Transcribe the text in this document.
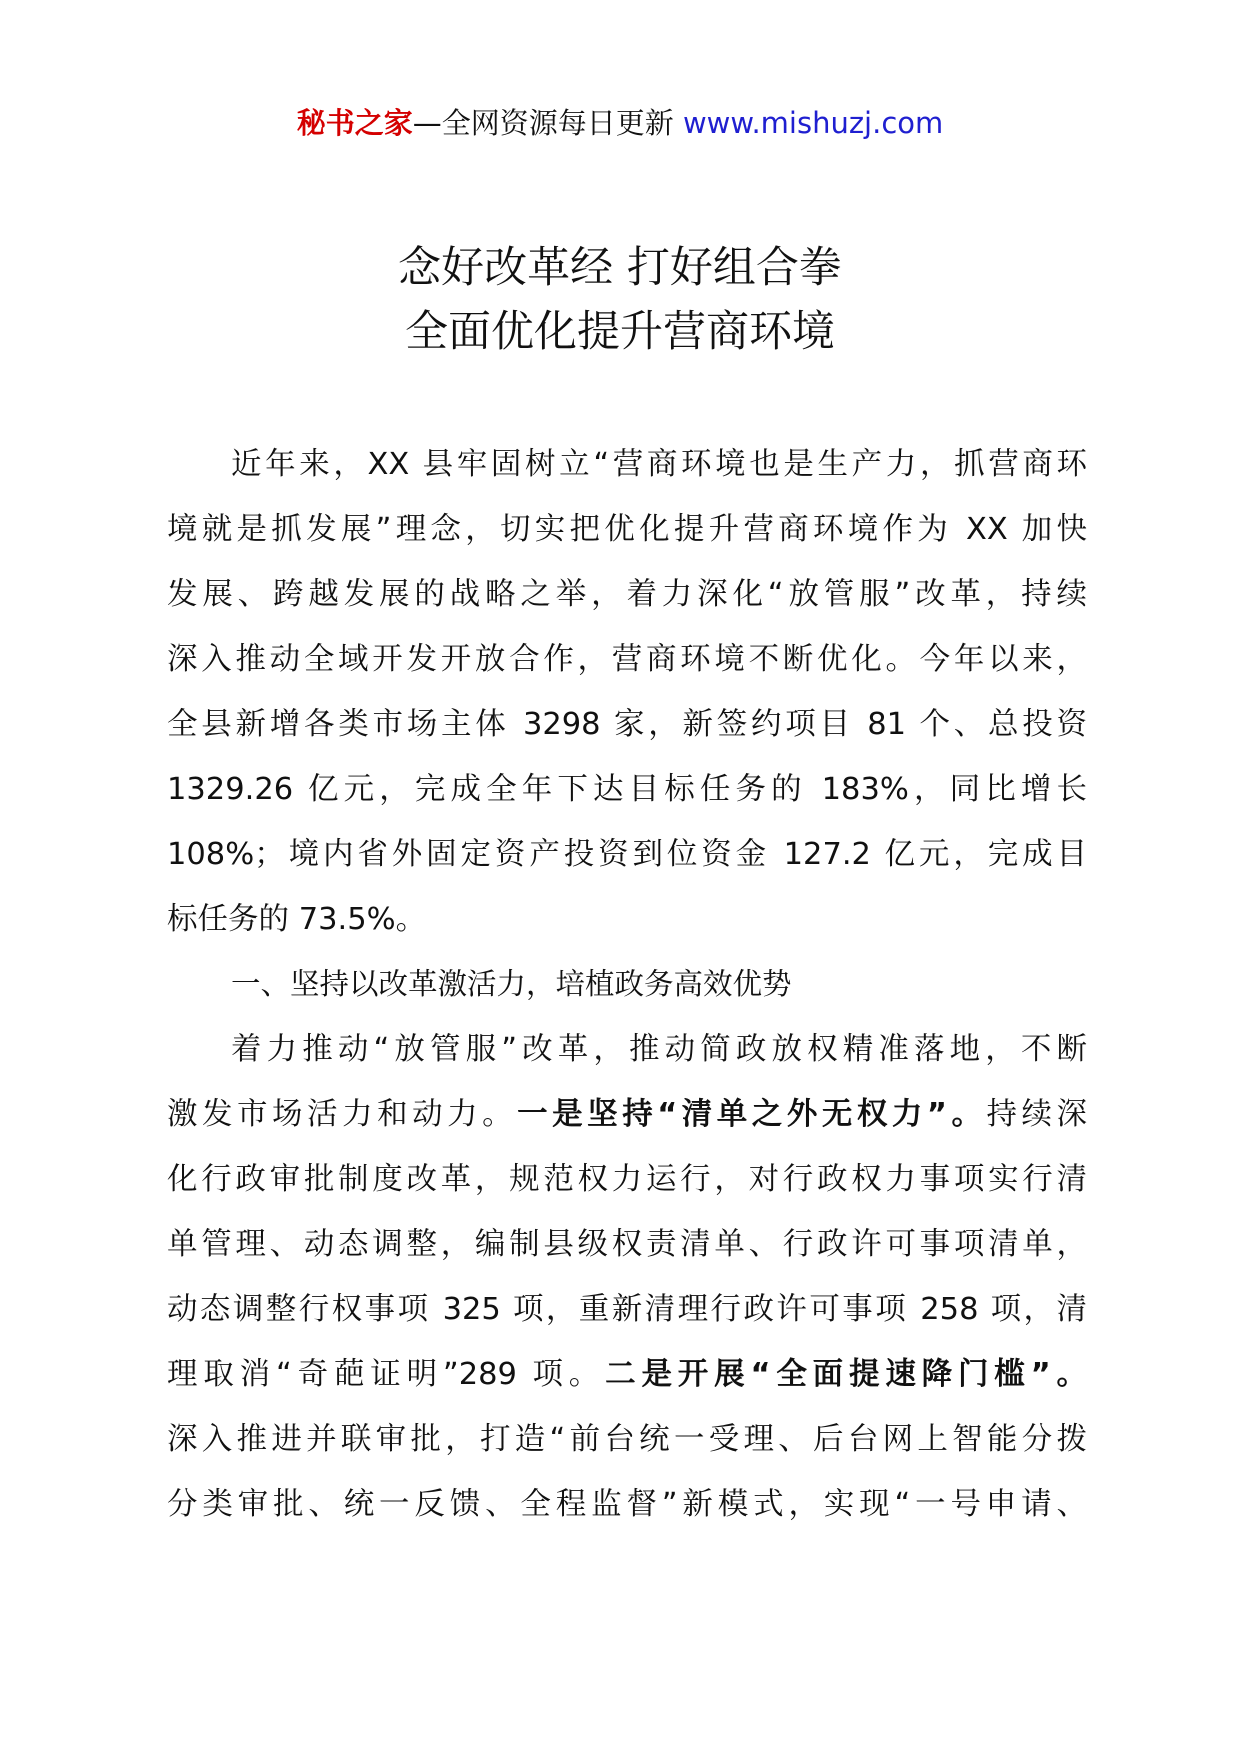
秘书之家—全网资源每日更新 www.mishuzj.com
念好改革经 打好组合拳
全面优化提升营商环境
近年来，XX 县牢固树立“营商环境也是生产力，抓营商环
境就是抓发展”理念，切实把优化提升营商环境作为 XX 加快
发展、跨越发展的战略之举，着力深化“放管服”改革，持续
深入推动全域开发开放合作，营商环境不断优化。今年以来，
全县新增各类市场主体 3298 家，新签约项目 81 个、总投资
1329.26 亿元，完成全年下达目标任务的 183%，同比增长
108%；境内省外固定资产投资到位资金 127.2 亿元，完成目
标任务的 73.5%。
一、坚持以改革激活力，培植政务高效优势
着力推动“放管服”改革，推动简政放权精准落地，不断
激发市场活力和动力。一是坚持“清单之外无权力”。持续深
化行政审批制度改革，规范权力运行，对行政权力事项实行清
单管理、动态调整，编制县级权责清单、行政许可事项清单，
动态调整行权事项 325 项，重新清理行政许可事项 258 项，清
理取消“奇葩证明”289 项。二是开展“全面提速降门槛”。
深入推进并联审批，打造“前台统一受理、后台网上智能分拨
分类审批、统一反馈、全程监督”新模式，实现“一号申请、
